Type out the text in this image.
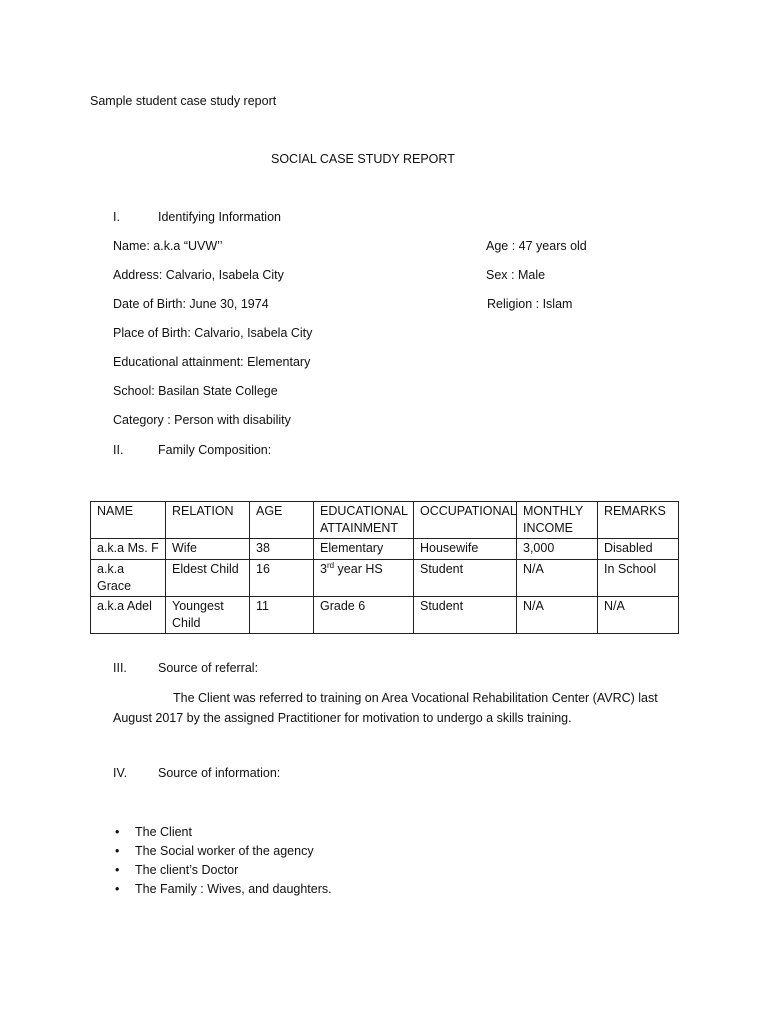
Sample student case study report
SOCIAL CASE STUDY REPORT
I.	Identifying Information
Name: a.k.a “UVW’’	Age : 47 years old
Address: Calvario, Isabela City	Sex : Male
Date of Birth: June 30, 1974	Religion : Islam
Place of Birth: Calvario, Isabela City
Educational attainment: Elementary
School: Basilan State College
Category : Person with disability
II.	Family Composition:
NAME	RELATION	AGE	EDUCATIONAL ATTAINMENT	OCCUPATIONAL	MONTHLY INCOME	REMARKS
a.k.a Ms. F	Wife	38	Elementary	Housewife	3,000	Disabled
a.k.a Grace	Eldest Child	16	3rd year HS	Student	N/A	In School
a.k.a Adel	Youngest Child	11	Grade 6	Student	N/A	N/A
III. Source of referral:
The Client was referred to training on Area Vocational Rehabilitation Center (AVRC) last August 2017 by the assigned Practitioner for motivation to undergo a skills training.
IV. Source of information:
• The Client
• The Social worker of the agency
• The client’s Doctor
• The Family : Wives, and daughters.
